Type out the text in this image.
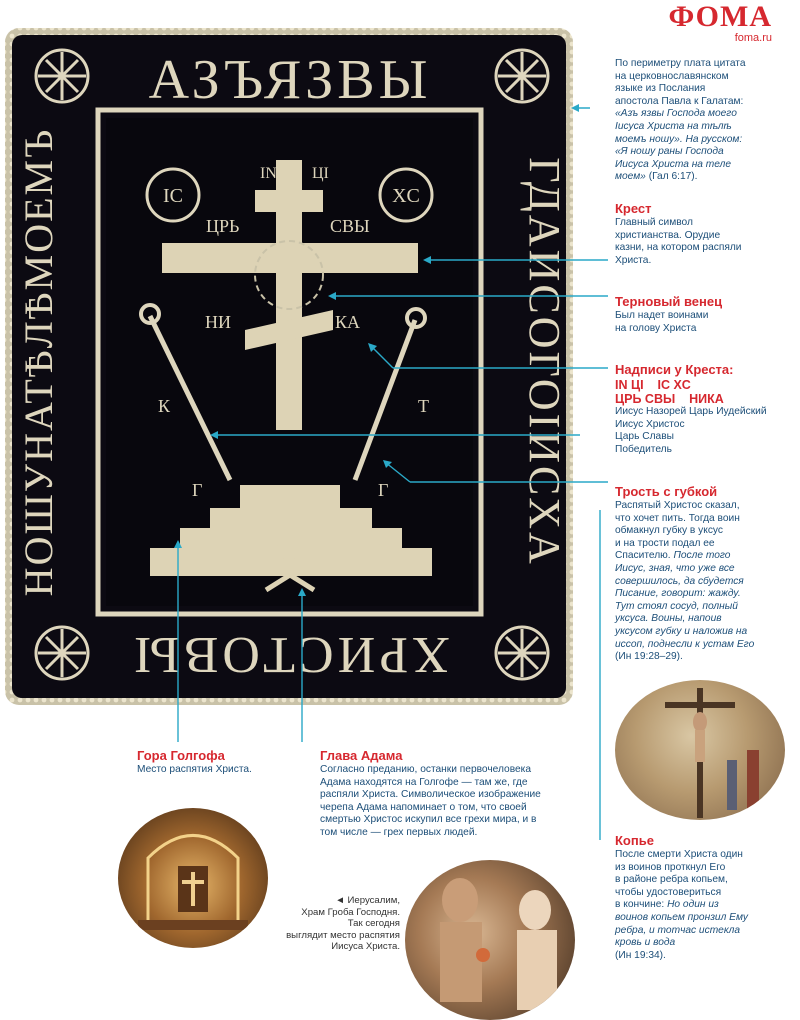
ФОМА
foma.ru
АЗЪЯЗВЫ
ХРИСТОВЫ
ГДАИСОГОІИСХА
НОШУНАТѢЛѢМОЕМЪ	IC	XC
IN ЦІ
ЦРЬ	СВЫ
НИ	КА
К	Т
Г	Г
По периметру плата цитата
на церковнославянском
языке из Послания
апостола Павла к Галатам:
«Азъ язвы Господа моего
Іисуса Христа на тѣлѣ
моемъ ношу». На русском:
«Я ношу раны Господа
Иисуса Христа на теле
моем» (Гал 6:17).
Крест
Главный символ
христианства. Орудие
казни, на котором распяли
Христа.
Терновый венец
Был надет воинами
на голову Христа
Надписи у Креста:
IN ЦІ    IC XC
ЦРЬ СВЫ    НИКА
Иисус Назорей Царь Иудейский
Иисус Христос
Царь Славы
Победитель
Трость с губкой
Распятый Христос сказал,
что хочет пить. Тогда воин
обмакнул губку в уксус
и на трости подал ее
Спасителю. После того
Иисус, зная, что уже все
совершилось, да сбудется
Писание, говорит: жажду.
Тут стоял сосуд, полный
уксуса. Воины, напоив
уксусом губку и наложив на
иссоп, поднесли к устам Его
(Ин 19:28–29).
Копье
После смерти Христа один
из воинов проткнул Его
в районе ребра копьем,
чтобы удостовериться
в кончине: Но один из
воинов копьем пронзил Ему
ребра, и тотчас истекла
кровь и вода
(Ин 19:34).
Гора Голгофа
Место распятия Христа.
Глава Адама
Согласно преданию, останки первочеловека
Адама находятся на Голгофе — там же, где
распяли Христа. Символическое изображение
черепа Адама напоминает о том, что своей
смертью Христос искупил все грехи мира, и в
том числе — грех первых людей.
◄ Иерусалим,
Храм Гроба Господня.
Так сегодня
выглядит место распятия
Иисуса Христа.
